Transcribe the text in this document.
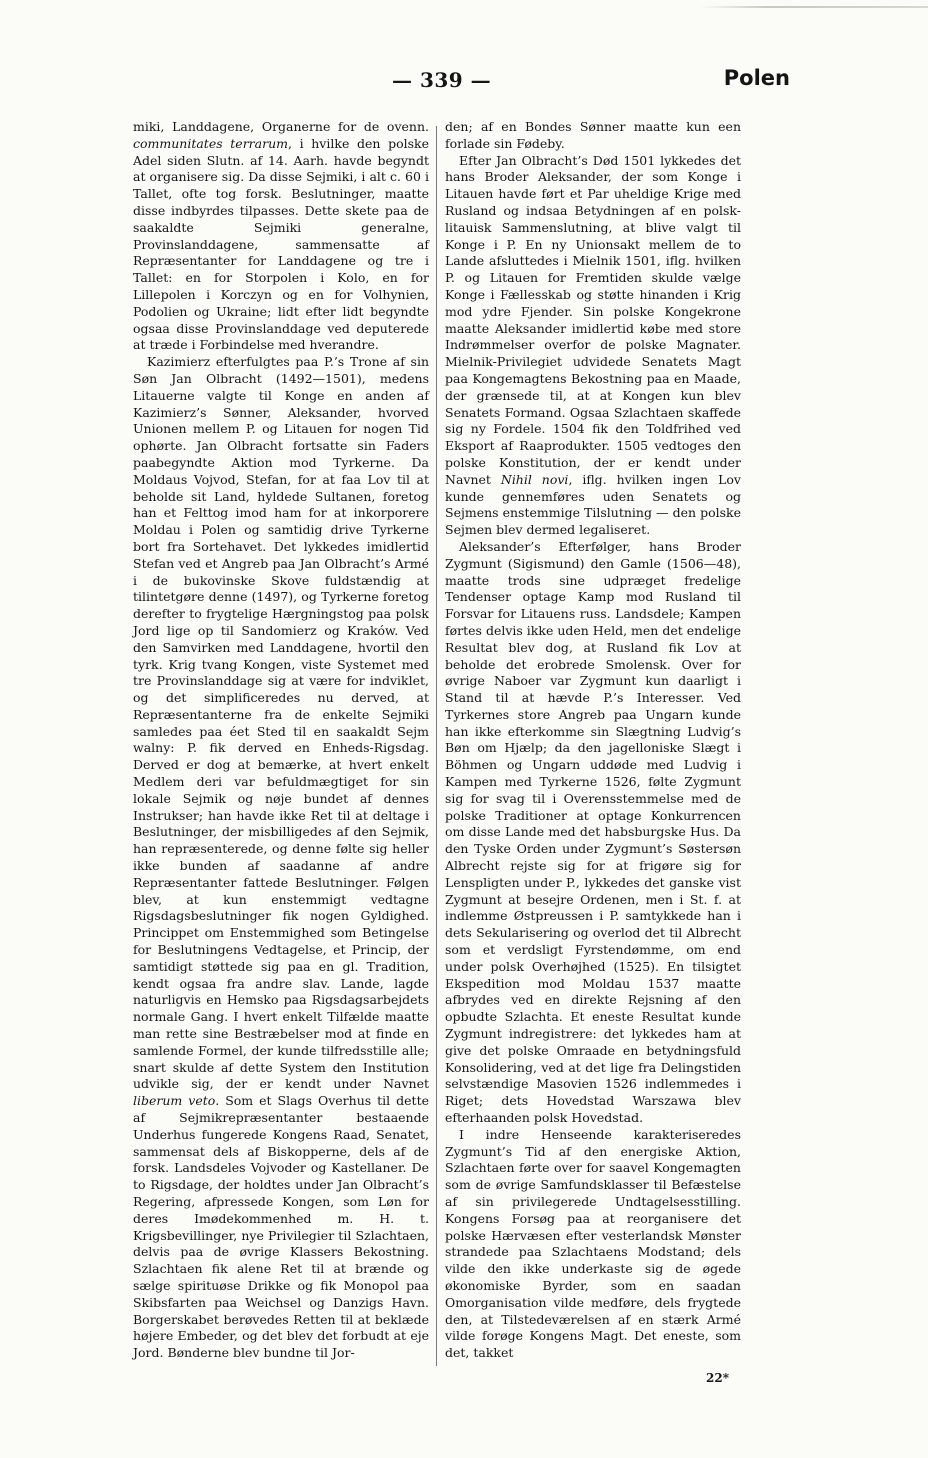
— 339 —	Polen

miki, Landdagene, Organerne for de ovenn. communitates terrarum, i hvilke den polske Adel siden Slutn. af 14. Aarh. havde begyndt at organisere sig. Da disse Sejmiki, i alt c. 60 i Tallet, ofte tog forsk. Beslutninger, maatte disse indbyrdes tilpasses. Dette skete paa de saakaldte Sejmiki generalne, Provinslanddagene, sammensatte af Repræsentanter for Landdagene og tre i Tallet: en for Storpolen i Kolo, en for Lillepolen i Korczyn og en for Volhynien, Podolien og Ukraine; lidt efter lidt begyndte ogsaa disse Provinslanddage ved deputerede at træde i Forbindelse med hverandre.

Kazimierz efterfulgtes paa P.’s Trone af sin Søn Jan Olbracht (1492—1501), medens Litauerne valgte til Konge en anden af Kazimierz’s Sønner, Aleksander, hvorved Unionen mellem P. og Litauen for nogen Tid ophørte. Jan Olbracht fortsatte sin Faders paabegyndte Aktion mod Tyrkerne. Da Moldaus Vojvod, Stefan, for at faa Lov til at beholde sit Land, hyldede Sultanen, foretog han et Felttog imod ham for at inkorporere Moldau i Polen og samtidig drive Tyrkerne bort fra Sortehavet. Det lykkedes imidlertid Stefan ved et Angreb paa Jan Olbracht’s Armé i de bukovinske Skove fuldstændig at tilintetgøre denne (1497), og Tyrkerne foretog derefter to frygtelige Hærgningstog paa polsk Jord lige op til Sandomierz og Kraków. Ved den Samvirken med Landdagene, hvortil den tyrk. Krig tvang Kongen, viste Systemet med tre Provinslanddage sig at være for indviklet, og det simplificeredes nu derved, at Repræsentanterne fra de enkelte Sejmiki samledes paa éet Sted til en saakaldt Sejm walny: P. fik derved en Enheds-Rigsdag. Derved er dog at bemærke, at hvert enkelt Medlem deri var befuldmægtiget for sin lokale Sejmik og nøje bundet af dennes Instrukser; han havde ikke Ret til at deltage i Beslutninger, der misbilligedes af den Sejmik, han repræsenterede, og denne følte sig heller ikke bunden af saadanne af andre Repræsentanter fattede Beslutninger. Følgen blev, at kun enstemmigt vedtagne Rigsdagsbeslutninger fik nogen Gyldighed. Princippet om Enstemmighed som Betingelse for Beslutningens Vedtagelse, et Princip, der samtidigt støttede sig paa en gl. Tradition, kendt ogsaa fra andre slav. Lande, lagde naturligvis en Hemsko paa Rigsdagsarbejdets normale Gang. I hvert enkelt Tilfælde maatte man rette sine Bestræbelser mod at finde en samlende Formel, der kunde tilfredsstille alle; snart skulde af dette System den Institution udvikle sig, der er kendt under Navnet liberum veto. Som et Slags Overhus til dette af Sejmikrepræsentanter bestaaende Underhus fungerede Kongens Raad, Senatet, sammensat dels af Biskopperne, dels af de forsk. Landsdeles Vojvoder og Kastellaner. De to Rigsdage, der holdtes under Jan Olbracht’s Regering, afpressede Kongen, som Løn for deres Imødekommenhed m. H. t. Krigsbevillinger, nye Privilegier til Szlachtaen, delvis paa de øvrige Klassers Bekostning. Szlachtaen fik alene Ret til at brænde og sælge spirituøse Drikke og fik Monopol paa Skibsfarten paa Weichsel og Danzigs Havn. Borgerskabet berøvedes Retten til at beklæde højere Embeder, og det blev det forbudt at eje Jord. Bønderne blev bundne til Jor-

den; af en Bondes Sønner maatte kun een forlade sin Fødeby.

Efter Jan Olbracht’s Død 1501 lykkedes det hans Broder Aleksander, der som Konge i Litauen havde ført et Par uheldige Krige med Rusland og indsaa Betydningen af en polsk-litauisk Sammenslutning, at blive valgt til Konge i P. En ny Unionsakt mellem de to Lande afsluttedes i Mielnik 1501, iflg. hvilken P. og Litauen for Fremtiden skulde vælge Konge i Fællesskab og støtte hinanden i Krig mod ydre Fjender. Sin polske Kongekrone maatte Aleksander imidlertid købe med store Indrømmelser overfor de polske Magnater. Mielnik-Privilegiet udvidede Senatets Magt paa Kongemagtens Bekostning paa en Maade, der grænsede til, at at Kongen kun blev Senatets Formand. Ogsaa Szlachtaen skaffede sig ny Fordele. 1504 fik den Toldfrihed ved Eksport af Raaprodukter. 1505 vedtoges den polske Konstitution, der er kendt under Navnet Nihil novi, iflg. hvilken ingen Lov kunde gennemføres uden Senatets og Sejmens enstemmige Tilslutning — den polske Sejmen blev dermed legaliseret.

Aleksander’s Efterfølger, hans Broder Zygmunt (Sigismund) den Gamle (1506—48), maatte trods sine udpræget fredelige Tendenser optage Kamp mod Rusland til Forsvar for Litauens russ. Landsdele; Kampen førtes delvis ikke uden Held, men det endelige Resultat blev dog, at Rusland fik Lov at beholde det erobrede Smolensk. Over for øvrige Naboer var Zygmunt kun daarligt i Stand til at hævde P.’s Interesser. Ved Tyrkernes store Angreb paa Ungarn kunde han ikke efterkomme sin Slægtning Ludvig’s Bøn om Hjælp; da den jagelloniske Slægt i Böhmen og Ungarn uddøde med Ludvig i Kampen med Tyrkerne 1526, følte Zygmunt sig for svag til i Overensstemmelse med de polske Traditioner at optage Konkurrencen om disse Lande med det habsburgske Hus. Da den Tyske Orden under Zygmunt’s Søstersøn Albrecht rejste sig for at frigøre sig for Lenspligten under P., lykkedes det ganske vist Zygmunt at besejre Ordenen, men i St. f. at indlemme Østpreussen i P. samtykkede han i dets Sekularisering og overlod det til Albrecht som et verdsligt Fyrstendømme, om end under polsk Overhøjhed (1525). En tilsigtet Ekspedition mod Moldau 1537 maatte afbrydes ved en direkte Rejsning af den opbudte Szlachta. Et eneste Resultat kunde Zygmunt indregistrere: det lykkedes ham at give det polske Omraade en betydningsfuld Konsolidering, ved at det lige fra Delingstiden selvstændige Masovien 1526 indlemmedes i Riget; dets Hovedstad Warszawa blev efterhaanden polsk Hovedstad.

I indre Henseende karakteriseredes Zygmunt’s Tid af den energiske Aktion, Szlachtaen førte over for saavel Kongemagten som de øvrige Samfundsklasser til Befæstelse af sin privilegerede Undtagelsesstilling. Kongens Forsøg paa at reorganisere det polske Hærvæsen efter vesterlandsk Mønster strandede paa Szlachtaens Modstand; dels vilde den ikke underkaste sig de øgede økonomiske Byrder, som en saadan Omorganisation vilde medføre, dels frygtede den, at Tilstedeværelsen af en stærk Armé vilde forøge Kongens Magt. Det eneste, som det, takket

22*
